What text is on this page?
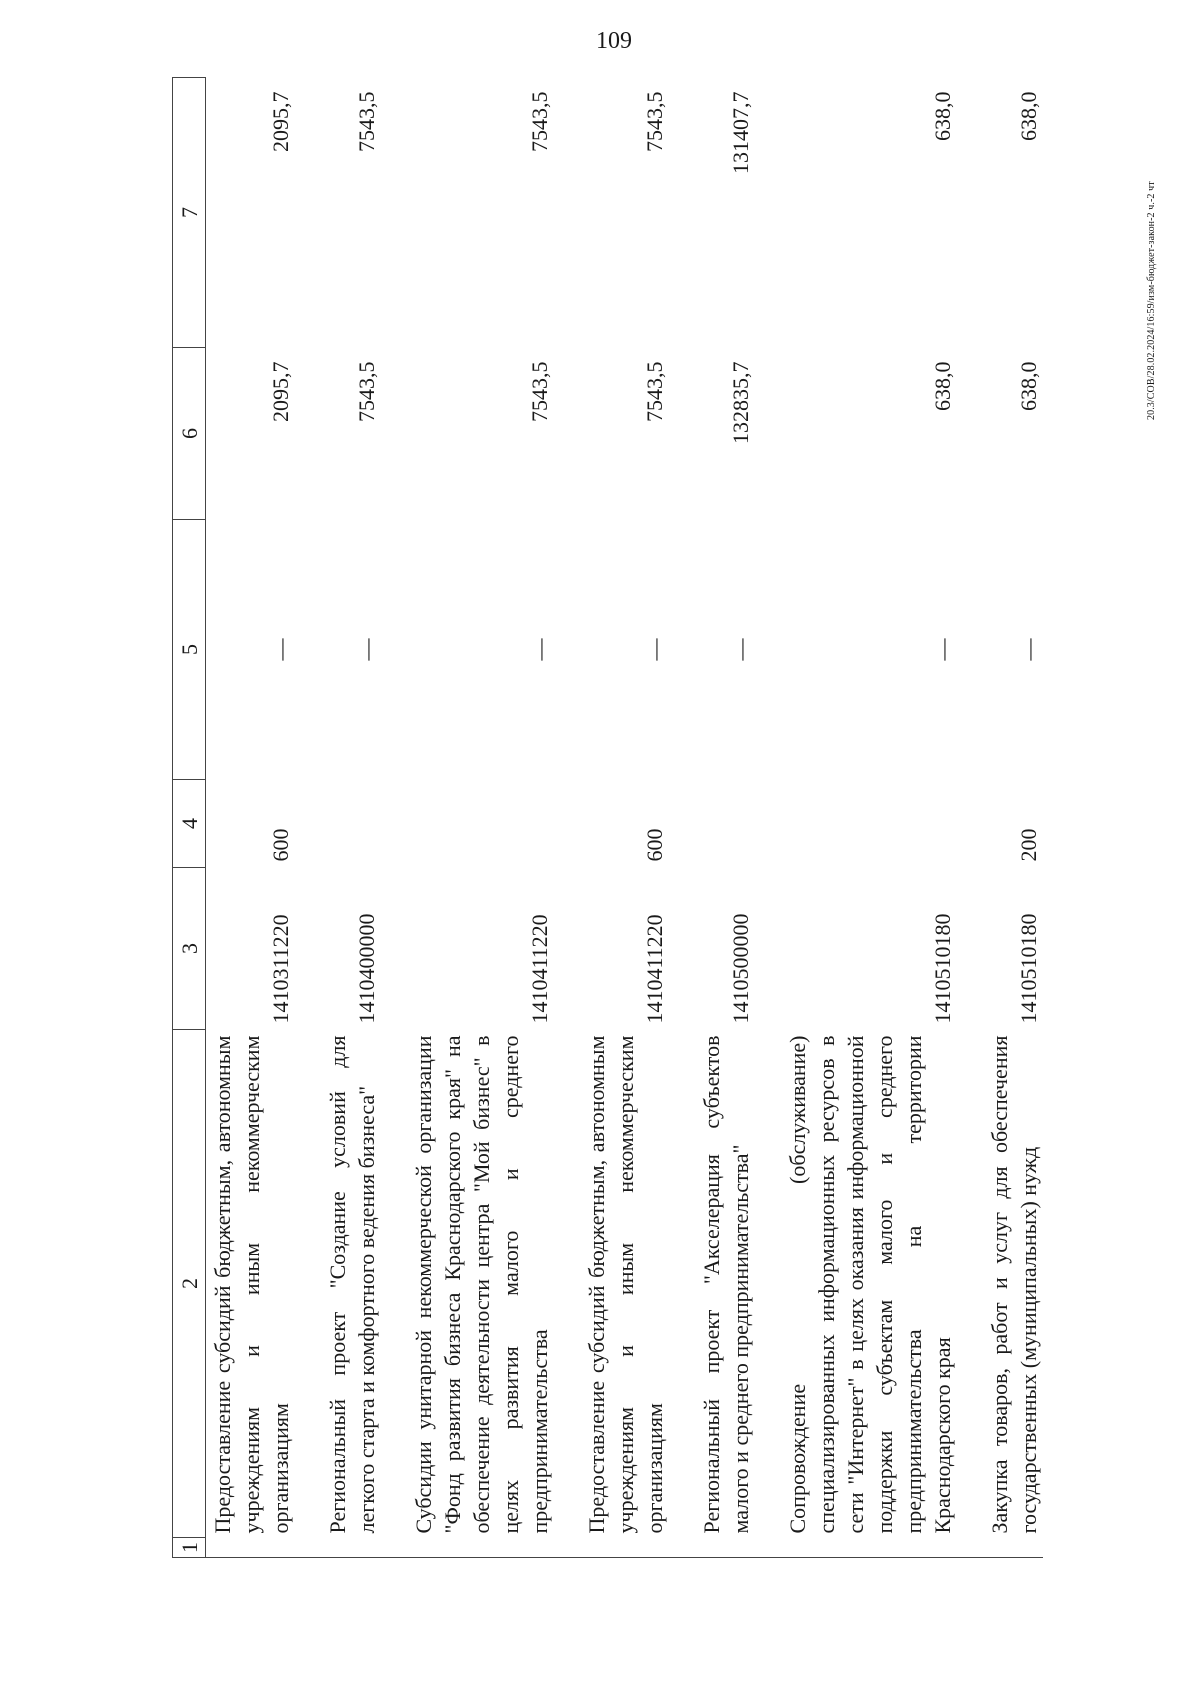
109
20.3/СОВ/28.02.2024/16:59/изм-бюджет-закон-2 ч.-2 чт
1	2	3	4	5	6	7
	Предоставление субсидий бюджетным, автономным учреждениям и иным некоммерческим организациям	1410311220	600	—	2095,7	2095,7

	Региональный проект "Создание условий для легкого старта и комфортного ведения бизнеса"	1410400000		—	7543,5	7543,5

	Субсидии унитарной некоммерческой организации "Фонд развития бизнеса Краснодарского края" на обеспечение деятельности центра "Мой бизнес" в целях развития малого и среднего предпринимательства	1410411220		—	7543,5	7543,5

	Предоставление субсидий бюджетным, автономным учреждениям и иным некоммерческим организациям	1410411220	600	—	7543,5	7543,5

	Региональный проект "Акселерация субъектов малого и среднего предпринимательства"	1410500000		—	132835,7	131407,7

	Сопровождение (обслуживание) специализированных информационных ресурсов в сети "Интернет" в целях оказания информационной поддержки субъектам малого и среднего предпринимательства на территории Краснодарского края	1410510180		—	638,0	638,0

	Закупка товаров, работ и услуг для обеспечения государственных (муниципальных) нужд	1410510180	200	—	638,0	638,0
